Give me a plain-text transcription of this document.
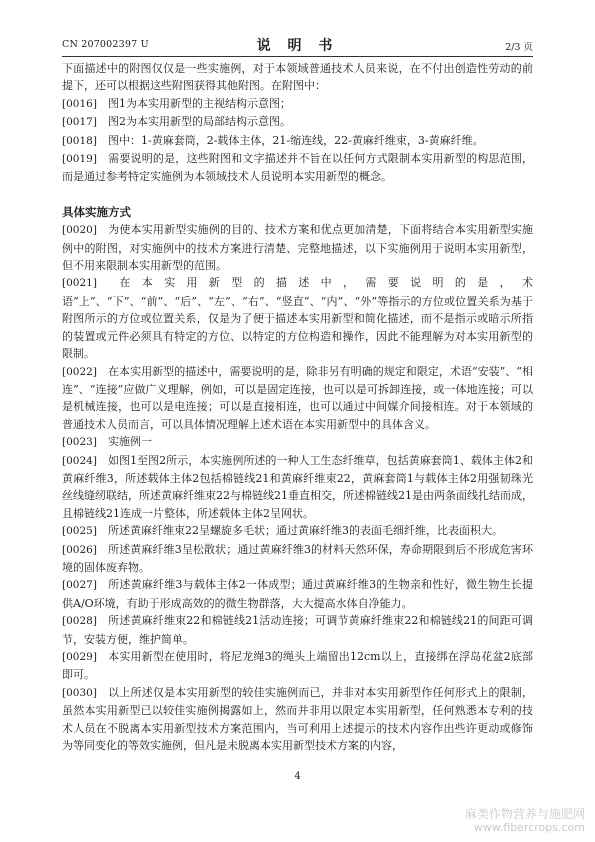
CN 207002397 U	说 明 书	2/3 页

下面描述中的附图仅仅是一些实施例，对于本领域普通技术人员来说，在不付出创造性劳动的前提下，还可以根据这些附图获得其他附图。在附图中：

[0016] 图1为本实用新型的主视结构示意图；

[0017] 图2为本实用新型的局部结构示意图。

[0018] 图中：1-黄麻套筒，2-载体主体，21-缩连线，22-黄麻纤维束，3-黄麻纤维。

[0019] 需要说明的是，这些附图和文字描述并不旨在以任何方式限制本实用新型的构思范围，而是通过参考特定实施例为本领域技术人员说明本实用新型的概念。

具体实施方式

[0020] 为使本实用新型实施例的目的、技术方案和优点更加清楚，下面将结合本实用新型实施例中的附图，对实施例中的技术方案进行清楚、完整地描述，以下实施例用于说明本实用新型，但不用来限制本实用新型的范围。

[0021] 在本实用新型的描述中，需要说明的是，术语“上”、“下”、“前”、“后”、“左”、“右”、“竖直”、“内”、“外”等指示的方位或位置关系为基于附图所示的方位或位置关系，仅是为了便于描述本实用新型和简化描述，而不是指示或暗示所指的装置或元件必须具有特定的方位、以特定的方位构造和操作，因此不能理解为对本实用新型的限制。

[0022] 在本实用新型的描述中，需要说明的是，除非另有明确的规定和限定，术语“安装”、“相连”、“连接”应做广义理解，例如，可以是固定连接，也可以是可拆卸连接，或一体地连接；可以是机械连接，也可以是电连接；可以是直接相连，也可以通过中间媒介间接相连。对于本领域的普通技术人员而言，可以具体情况理解上述术语在本实用新型中的具体含义。

[0023] 实施例一

[0024] 如图1至图2所示，本实施例所述的一种人工生态纤维草，包括黄麻套筒1、载体主体2和黄麻纤维3，所述载体主体2包括棉链线21和黄麻纤维束22，黄麻套筒1与载体主体2用强韧珠光丝线缝纫联结，所述黄麻纤维束22与棉链线21垂直相交，所述棉链线21是由两条面线扎结而成，且棉链线21连成一片整体，所述载体主体2呈网状。

[0025] 所述黄麻纤维束22呈螺旋多毛状；通过黄麻纤维3的表面毛细纤维，比表面积大。

[0026] 所述黄麻纤维3呈松散状；通过黄麻纤维3的材料天然环保，寿命期限到后不形成危害环境的固体废弃物。

[0027] 所述黄麻纤维3与载体主体2一体成型；通过黄麻纤维3的生物亲和性好，微生物生长提供A/O环境，有助于形成高效的的微生物群落，大大提高水体自净能力。

[0028] 所述黄麻纤维束22和棉链线21活动连接；可调节黄麻纤维束22和棉链线21的间距可调节，安装方便，维护简单。

[0029] 本实用新型在使用时，将尼龙绳3的绳头上端留出12cm以上，直接绑在浮岛花盆2底部即可。

[0030] 以上所述仅是本实用新型的较佳实施例而已，并非对本实用新型作任何形式上的限制，虽然本实用新型已以较佳实施例揭露如上，然而并非用以限定本实用新型，任何熟悉本专利的技术人员在不脱离本实用新型技术方案范围内，当可利用上述提示的技术内容作出些许更动或修饰为等同变化的等效实施例，但凡是未脱离本实用新型技术方案的内容，

4
麻类作物营养与施肥网
www.fibercrops.com
